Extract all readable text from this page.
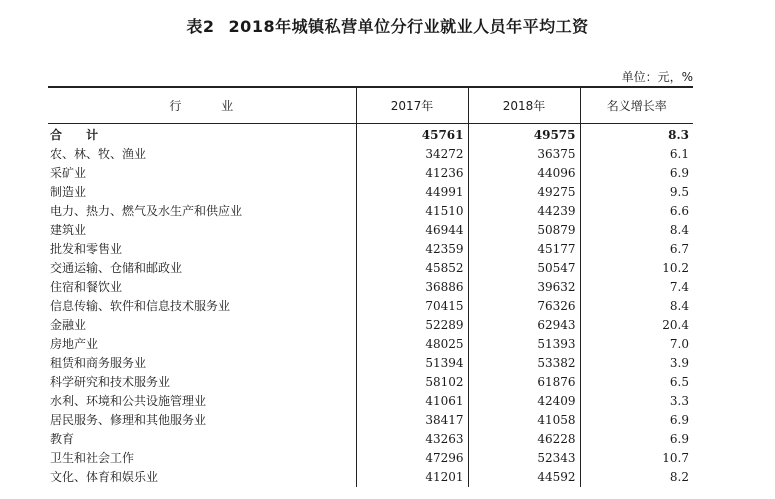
表2 2018年城镇私营单位分行业就业人员年平均工资
单位：元，%
行 业	2017年	2018年	名义增长率
合 计	45761	49575	8.3
农、林、牧、渔业	34272	36375	6.1
采矿业	41236	44096	6.9
制造业	44991	49275	9.5
电力、热力、燃气及水生产和供应业	41510	44239	6.6
建筑业	46944	50879	8.4
批发和零售业	42359	45177	6.7
交通运输、仓储和邮政业	45852	50547	10.2
住宿和餐饮业	36886	39632	7.4
信息传输、软件和信息技术服务业	70415	76326	8.4
金融业	52289	62943	20.4
房地产业	48025	51393	7.0
租赁和商务服务业	51394	53382	3.9
科学研究和技术服务业	58102	61876	6.5
水利、环境和公共设施管理业	41061	42409	3.3
居民服务、修理和其他服务业	38417	41058	6.9
教育	43263	46228	6.9
卫生和社会工作	47296	52343	10.7
文化、体育和娱乐业	41201	44592	8.2
